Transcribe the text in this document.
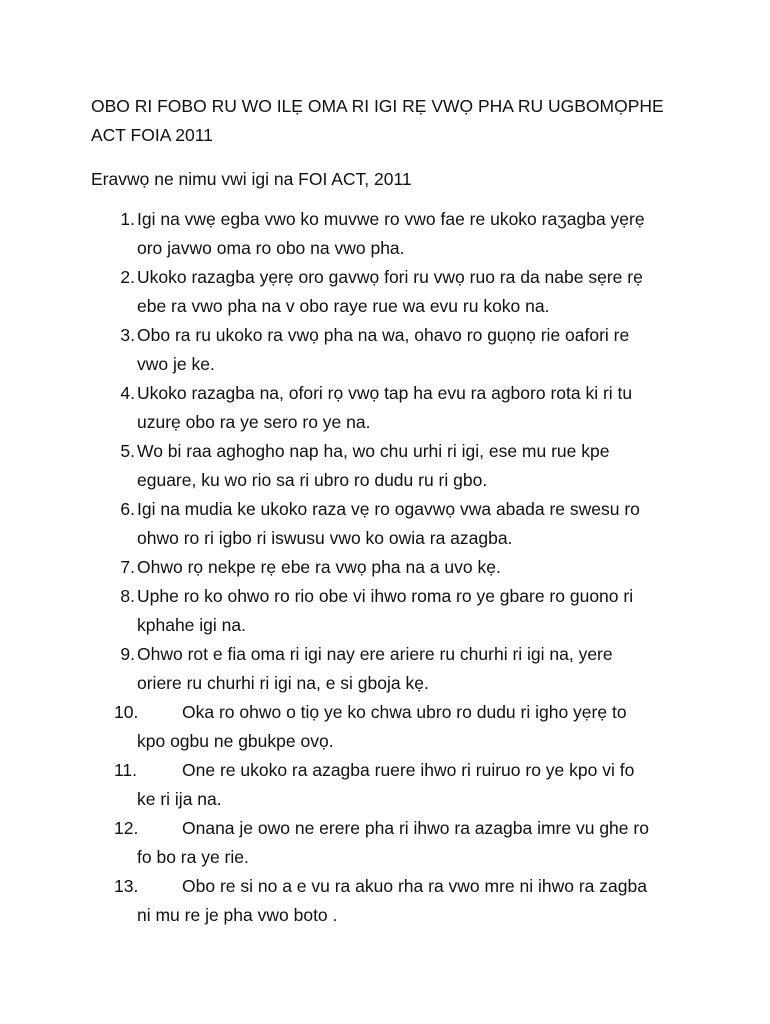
OBO RI FOBO RU WO ILẸ OMA RI IGI RẸ VWỌ PHA RU UGBOMỌPHE
ACT FOIA 2011

Eravwọ ne nimu vwi igi na FOI ACT, 2011

1. Igi na vwẹ egba vwo ko muvwe ro vwo fae re ukoko raʒagba yẹrẹ
oro javwo oma ro obo na vwo pha.
2. Ukoko razagba yẹrẹ oro gavwọ fori ru vwọ ruo ra da nabe sẹre rẹ
ebe ra vwo pha na v obo raye rue wa evu ru koko na.
3. Obo ra ru ukoko ra vwọ pha na wa, ohavo ro guọnọ rie oafori re
vwo je ke.
4. Ukoko razagba na, ofori rọ vwọ tap ha evu ra agboro rota ki ri tu
uzurẹ obo ra ye sero ro ye na.
5. Wo bi raa aghogho nap ha, wo chu urhi ri igi, ese mu rue kpe
eguare, ku wo rio sa ri ubro ro dudu ru ri gbo.
6. Igi na mudia ke ukoko raza vẹ ro ogavwọ vwa abada re swesu ro
ohwo ro ri igbo ri iswusu vwo ko owia ra azagba.
7. Ohwo rọ nekpe rẹ ebe ra vwọ pha na a uvo kẹ.
8. Uphe ro ko ohwo ro rio obe vi ihwo roma ro ye gbare ro guono ri
kphahe igi na.
9. Ohwo rot e fia oma ri igi nay ere ariere ru churhi ri igi na, yere
oriere ru churhi ri igi na, e si gboja kẹ.
10. Oka ro ohwo o tiọ ye ko chwa ubro ro dudu ri igho yẹrẹ to
kpo ogbu ne gbukpe ovọ.
11.	One re ukoko ra azagba ruere ihwo ri ruiruo ro ye kpo vi fo
ke ri ija na.
12. Onana je owo ne erere pha ri ihwo ra azagba imre vu ghe ro
fo bo ra ye rie.
13. Obo re si no a e vu ra akuo rha ra vwo mre ni ihwo ra zagba
ni mu re je pha vwo boto .
